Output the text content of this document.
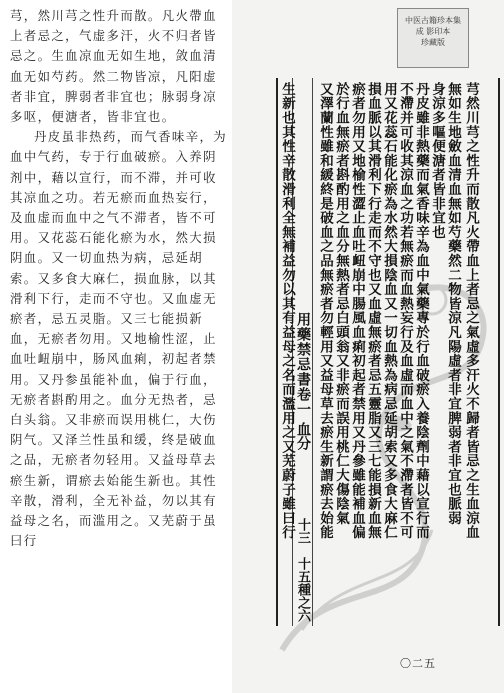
芎，然川芎之性升而散。凡火帶血上者忌之，气虚多汗，火不归者皆忌之。生血凉血无如生地，敛血清血无如芍药。然二物皆凉，凡阳虚者非宜，脾弱者非宜也；脉弱身凉多呕，便溏者，皆非宜也。

丹皮虽非热药，而气香味辛，为血中气药，专于行血破瘀。入养阴剂中，藉以宣行，而不滞，并可收其凉血之功。若无瘀而血热妄行，及血虚而血中之气不滞者，皆不可用。又花蕊石能化瘀为水，然大损阴血。又一切血热为病，忌延胡索。又多食大麻仁，损血脉，以其滑利下行，走而不守也。又血虚无瘀者，忌五灵脂。又三七能损新血，无瘀者勿用。又地榆性涩，止血吐衄崩中，肠风血痢，初起者禁用。又丹参虽能补血，偏于行血，无瘀者斟酌用之。血分无热者，忌白头翁。又非瘀而误用桃仁，大伤阴气。又泽兰性虽和缓，终是破血之品，无瘀者勿轻用。又益母草去瘀生新，谓瘀去始能生新也。其性辛散，滑利，全无补益，勿以其有益母之名，而滥用之。又芜蔚于虽曰行

中医古籍珍本集成 影印本
珍藏版
生新也其性辛散滑利全無補益勿以其有益母之名而濫用之又芜蔚子雖曰行 用藥禁忌書卷一
血分
十三　十五種之六
又澤蘭性雖和緩終是破血之品無瘀者勿輕用又益母草去瘀生新謂瘀去始能 於行血無瘀者斟酌用之血分無熱者忌白頭翁又非瘀而誤用桃仁大傷陰氣 瘀者勿用又地榆性澀止血吐衄崩中腸風血痢初起者禁用又丹參雖能補血偏 損血脈以其滑利下行走而不守也又血虛無瘀者忌五靈脂又三七能損新血無 用又花蕊石能化瘀為水然大損陰血又一切血熱為病忌延胡索又多食大麻仁 不滯并可收其涼血之功若無瘀而血熱妄行及血虛而血中之氣不滯者皆不可 丹皮雖非熱藥而氣香味辛為血中氣藥專於行血破瘀入養陰劑中藉以宣行而 身涼多嘔便溏者皆非宜也 無如生地斂血清血無如芍藥然二物皆涼凡陽虛者非宜脾弱者非宜也脈弱 芎然川芎之性升而散凡火帶血上者忌之氣虛多汗火不歸者皆忌之生血涼血
〇二五
